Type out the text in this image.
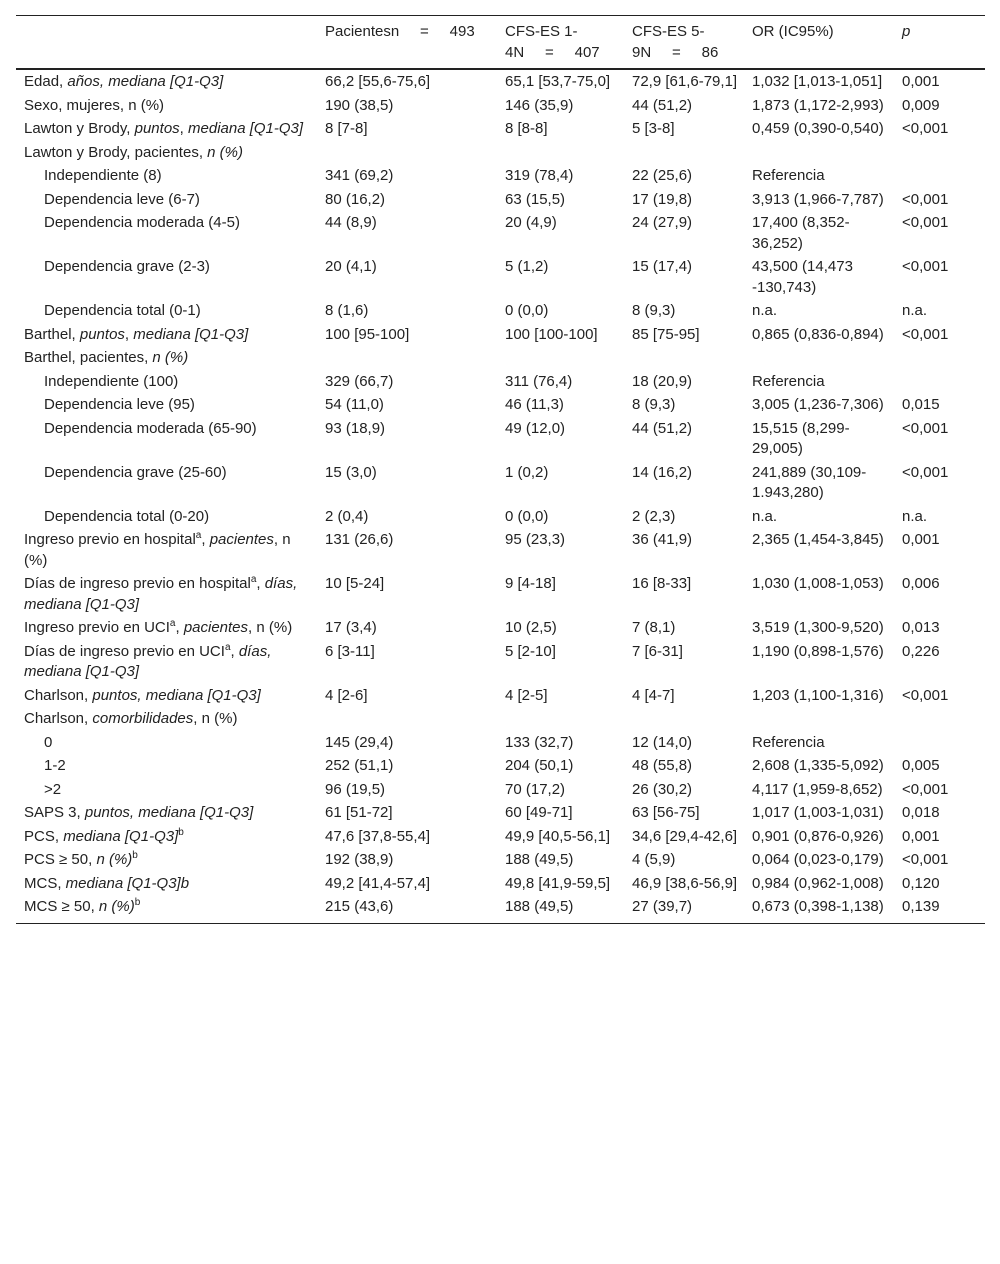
	Pacientesn     =     493	CFS-ES 1-
4N     =     407	CFS-ES 5-
9N     =     86	OR (IC95%)	p
Edad, años, mediana [Q1-Q3]	66,2 [55,6-75,6]	65,1 [53,7-75,0]	72,9 [61,6-79,1]	1,032 [1,013-1,051]	0,001
Sexo, mujeres, n (%)	190 (38,5)	146 (35,9)	44 (51,2)	1,873 (1,172-2,993)	0,009
Lawton y Brody, puntos, mediana [Q1-Q3]	8 [7-8]	8 [8-8]	5 [3-8]	0,459 (0,390-0,540)	<0,001
Lawton y Brody, pacientes, n (%)					
Independiente (8)	341 (69,2)	319 (78,4)	22 (25,6)	Referencia	
Dependencia leve (6-7)	80 (16,2)	63 (15,5)	17 (19,8)	3,913 (1,966-7,787)	<0,001
Dependencia moderada (4-5)	44 (8,9)	20 (4,9)	24 (27,9)	17,400 (8,352-36,252)	<0,001
Dependencia grave (2-3)	20 (4,1)	5 (1,2)	15 (17,4)	43,500 (14,473 -130,743)	<0,001
Dependencia total (0-1)	8 (1,6)	0 (0,0)	8 (9,3)	n.a.	n.a.
Barthel, puntos, mediana [Q1-Q3]	100 [95-100]	100 [100-100]	85 [75-95]	0,865 (0,836-0,894)	<0,001
Barthel, pacientes, n (%)					
Independiente (100)	329 (66,7)	311 (76,4)	18 (20,9)	Referencia	
Dependencia leve (95)	54 (11,0)	46 (11,3)	8 (9,3)	3,005 (1,236-7,306)	0,015
Dependencia moderada (65-90)	93 (18,9)	49 (12,0)	44 (51,2)	15,515 (8,299-29,005)	<0,001
Dependencia grave (25-60)	15 (3,0)	1 (0,2)	14 (16,2)	241,889 (30,109-1.943,280)	<0,001
Dependencia total (0-20)	2 (0,4)	0 (0,0)	2 (2,3)	n.a.	n.a.
Ingreso previo en hospital$^a$, pacientes, n (%)	131 (26,6)	95 (23,3)	36 (41,9)	2,365 (1,454-3,845)	0,001
Días de ingreso previo en hospital$^a$, días, mediana [Q1-Q3]	10 [5-24]	9 [4-18]	16 [8-33]	1,030 (1,008-1,053)	0,006
Ingreso previo en UCI$^a$, pacientes, n (%)	17 (3,4)	10 (2,5)	7 (8,1)	3,519 (1,300-9,520)	0,013
Días de ingreso previo en UCI$^a$, días, mediana [Q1-Q3]	6 [3-11]	5 [2-10]	7 [6-31]	1,190 (0,898-1,576)	0,226
Charlson, puntos, mediana [Q1-Q3]	4 [2-6]	4 [2-5]	4 [4-7]	1,203 (1,100-1,316)	<0,001
Charlson, comorbilidades, n (%)					
0	145 (29,4)	133 (32,7)	12 (14,0)	Referencia	
1-2	252 (51,1)	204 (50,1)	48 (55,8)	2,608 (1,335-5,092)	0,005
>2	96 (19,5)	70 (17,2)	26 (30,2)	4,117 (1,959-8,652)	<0,001
SAPS 3, puntos, mediana [Q1-Q3]	61 [51-72]	60 [49-71]	63 [56-75]	1,017 (1,003-1,031)	0,018
PCS, mediana $[Q1-Q3]^b$	47,6 [37,8-55,4]	49,9 [40,5-56,1]	34,6 [29,4-42,6]	0,901 (0,876-0,926)	0,001
PCS ≥ 50, n (%)$^b$	192 (38,9)	188 (49,5)	4 (5,9)	0,064 (0,023-0,179)	<0,001
MCS, mediana [Q1-Q3]b	49,2 [41,4-57,4]	49,8 [41,9-59,5]	46,9 [38,6-56,9]	0,984 (0,962-1,008)	0,120
MCS ≥ 50, n (%)$^b$	215 (43,6)	188 (49,5)	27 (39,7)	0,673 (0,398-1,138)	0,139
